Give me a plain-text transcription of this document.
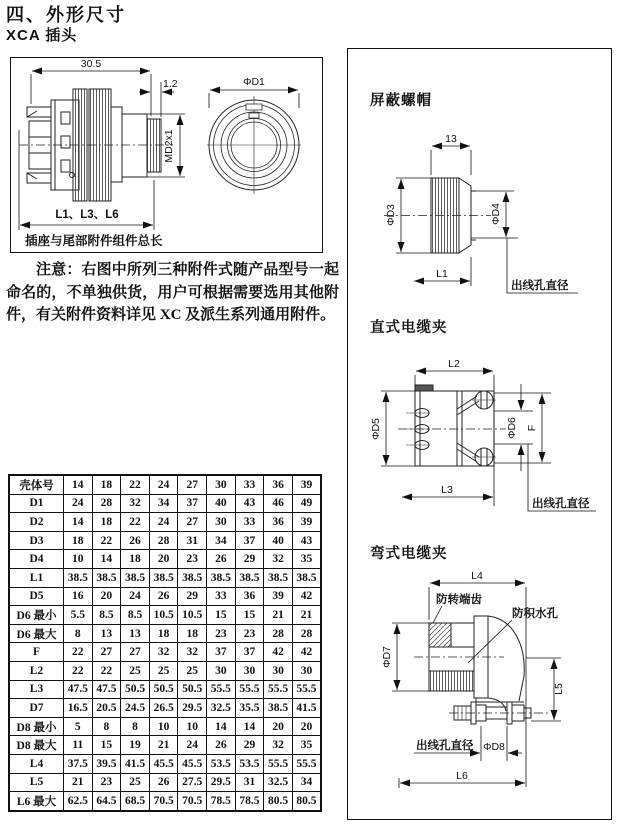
四、外形尺寸
XCA 插头
30.5
1.2
MD2x1
ΦD1
L1、L3、L6
插座与尾部附件组件总长
注意：右图中所列三种附件式随产品型号一起命名的，不单独供货，用户可根据需要选用其他附件，有关附件资料详见 XC 及派生系列通用附件。
屏蔽螺帽
13
ΦD3	ΦD4
L1
出线孔直径
直式电缆夹
L2
ΦD5	ΦD6 F
L3
出线孔直径
弯式电缆夹
L4
防转端齿
防积水孔
ΦD7
L5
出线孔直径 ΦD8
L6
壳体号	14	18	22	24	27	30	33	36	39
D1	24	28	32	34	37	40	43	46	49
D2	14	18	22	24	27	30	33	36	39
D3	18	22	26	28	31	34	37	40	43
D4	10	14	18	20	23	26	29	32	35
L1	38.5	38.5	38.5	38.5	38.5	38.5	38.5	38.5	38.5
D5	16	20	24	26	29	33	36	39	42
D6 最小	5.5	8.5	8.5	10.5	10.5	15	15	21	21
D6 最大	8	13	13	18	18	23	23	28	28
F	22	27	27	32	32	37	37	42	42
L2	22	22	25	25	25	30	30	30	30
L3	47.5	47.5	50.5	50.5	50.5	55.5	55.5	55.5	55.5
D7	16.5	20.5	24.5	26.5	29.5	32.5	35.5	38.5	41.5
D8 最小	5	8	8	10	10	14	14	20	20
D8 最大	11	15	19	21	24	26	29	32	35
L4	37.5	39.5	41.5	45.5	45.5	53.5	53.5	55.5	55.5
L5	21	23	25	26	27.5	29.5	31	32.5	34
L6 最大	62.5	64.5	68.5	70.5	70.5	78.5	78.5	80.5	80.5
